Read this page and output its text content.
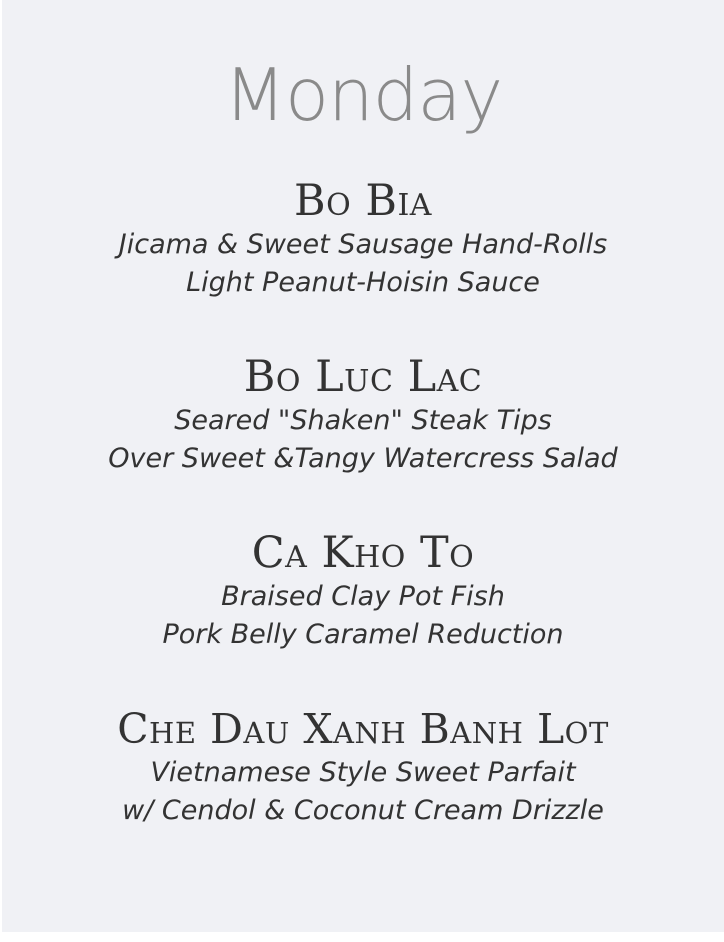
Monday
Bo Bia
Jicama & Sweet Sausage Hand-Rolls
Light Peanut-Hoisin Sauce
Bo Luc Lac
Seared "Shaken" Steak Tips
Over Sweet &Tangy Watercress Salad
Ca Kho To
Braised Clay Pot Fish
Pork Belly Caramel Reduction
Che Dau Xanh Banh Lot
Vietnamese Style Sweet Parfait
w/ Cendol & Coconut Cream Drizzle
